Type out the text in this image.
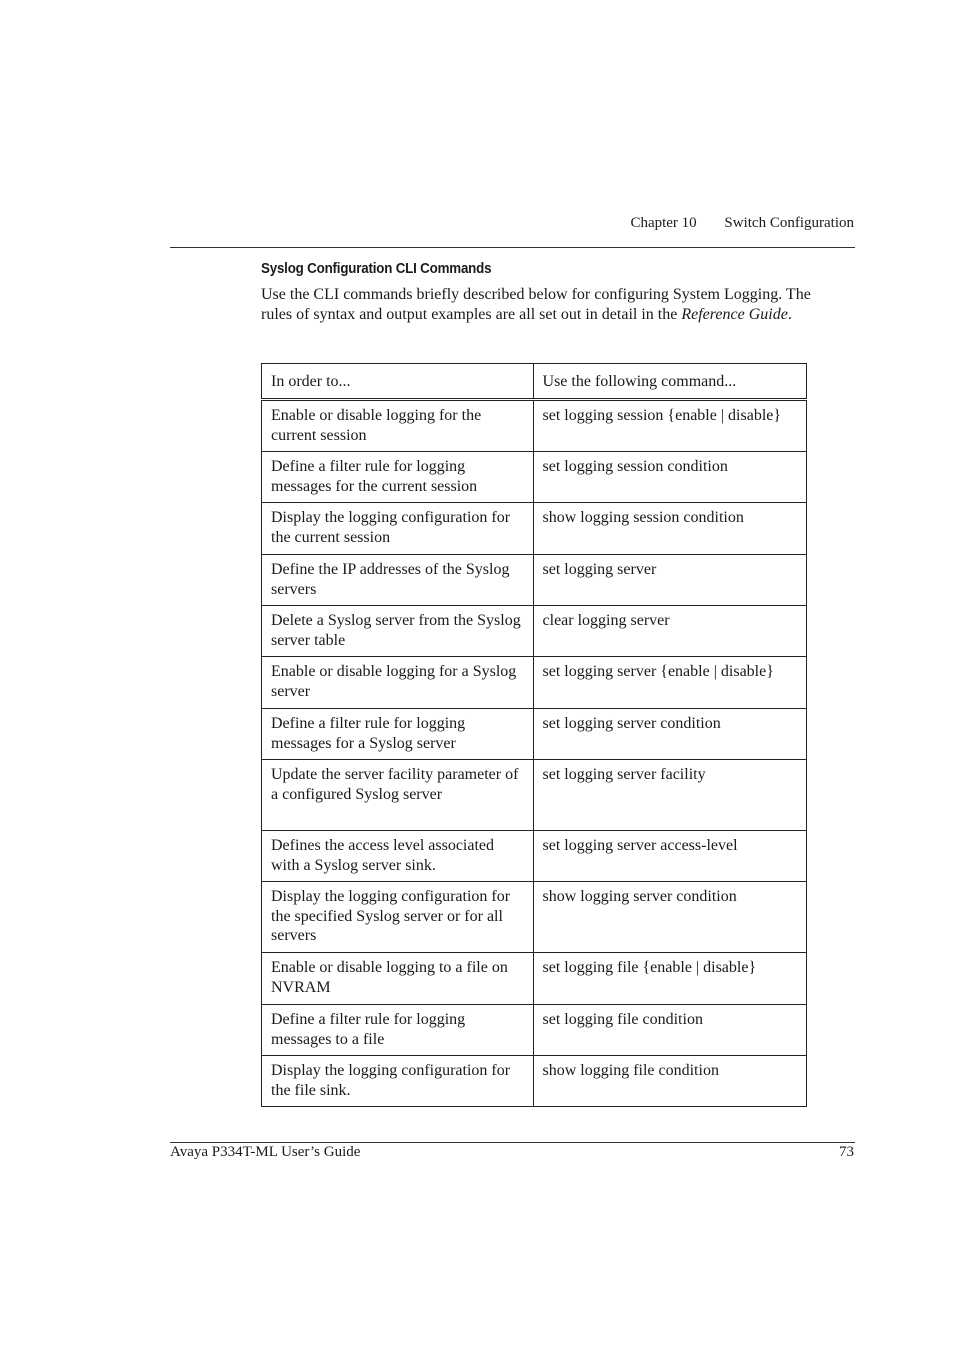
Chapter 10 Switch Configuration
Syslog Configuration CLI Commands
Use the CLI commands briefly described below for configuring System Logging. The rules of syntax and output examples are all set out in detail in the Reference Guide.
In order to...	Use the following command...
Enable or disable logging for the current session	set logging session {enable | disable}
Define a filter rule for logging messages for the current session	set logging session condition
Display the logging configuration for the current session	show logging session condition
Define the IP addresses of the Syslog servers	set logging server
Delete a Syslog server from the Syslog server table	clear logging server
Enable or disable logging for a Syslog server	set logging server {enable | disable}
Define a filter rule for logging messages for a Syslog server	set logging server condition
Update the server facility parameter of a configured Syslog server	set logging server facility
Defines the access level associated with a Syslog server sink.	set logging server access-level
Display the logging configuration for the specified Syslog server or for all servers	show logging server condition
Enable or disable logging to a file on NVRAM	set logging file {enable | disable}
Define a filter rule for logging messages to a file	set logging file condition
Display the logging configuration for the file sink.	show logging file condition
Avaya P334T-ML User’s Guide	73
